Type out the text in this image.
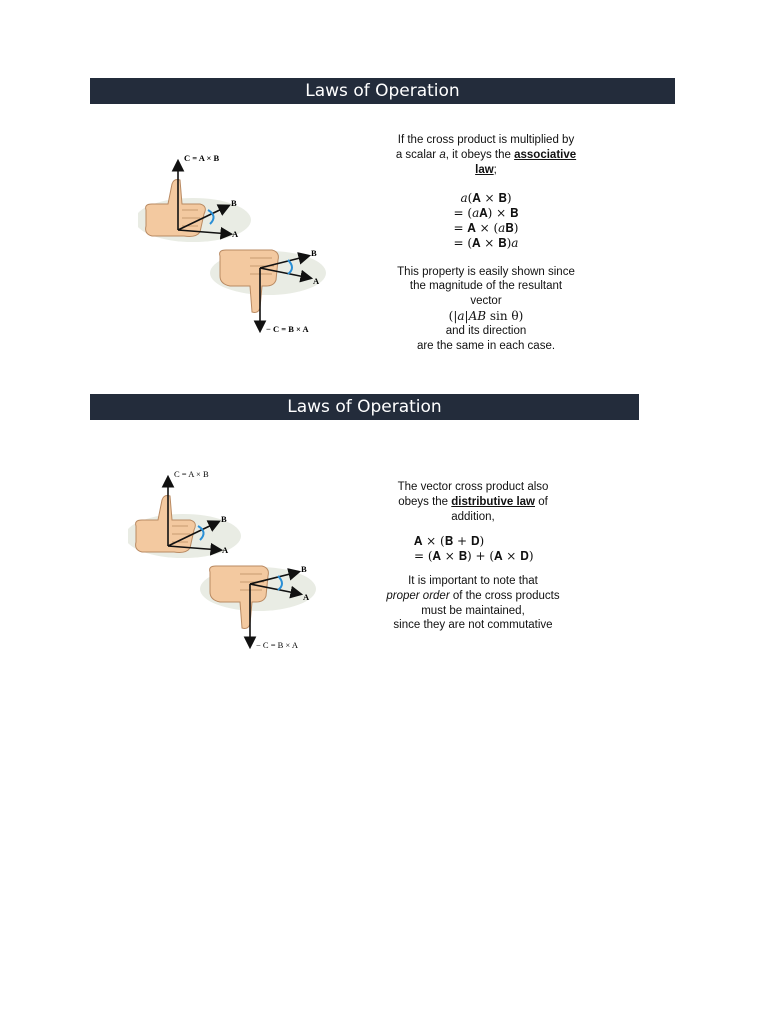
Laws of Operation
C = A × B
B
A
− C = B × A
B
A
If the cross product is multiplied by
a scalar a, it obeys the associative
law;
𝑎(𝐀 × 𝐁)
= (𝑎𝐀) × 𝐁
= 𝐀 × (𝑎𝐁)
= (𝐀 × 𝐁)𝑎
This property is easily shown since
the magnitude of the resultant
vector
(|𝑎|𝐴𝐵 sin θ)
and its direction
are the same in each case.
Laws of Operation
C = A × B
B
A
− C = B × A
B
A
The vector cross product also
obeys the distributive law of
addition,
𝐀 × (𝐁 + 𝐃)
= (𝐀 × 𝐁) + (𝐀 × 𝐃)
It is important to note that
proper order of the cross products
must be maintained,
since they are not commutative
